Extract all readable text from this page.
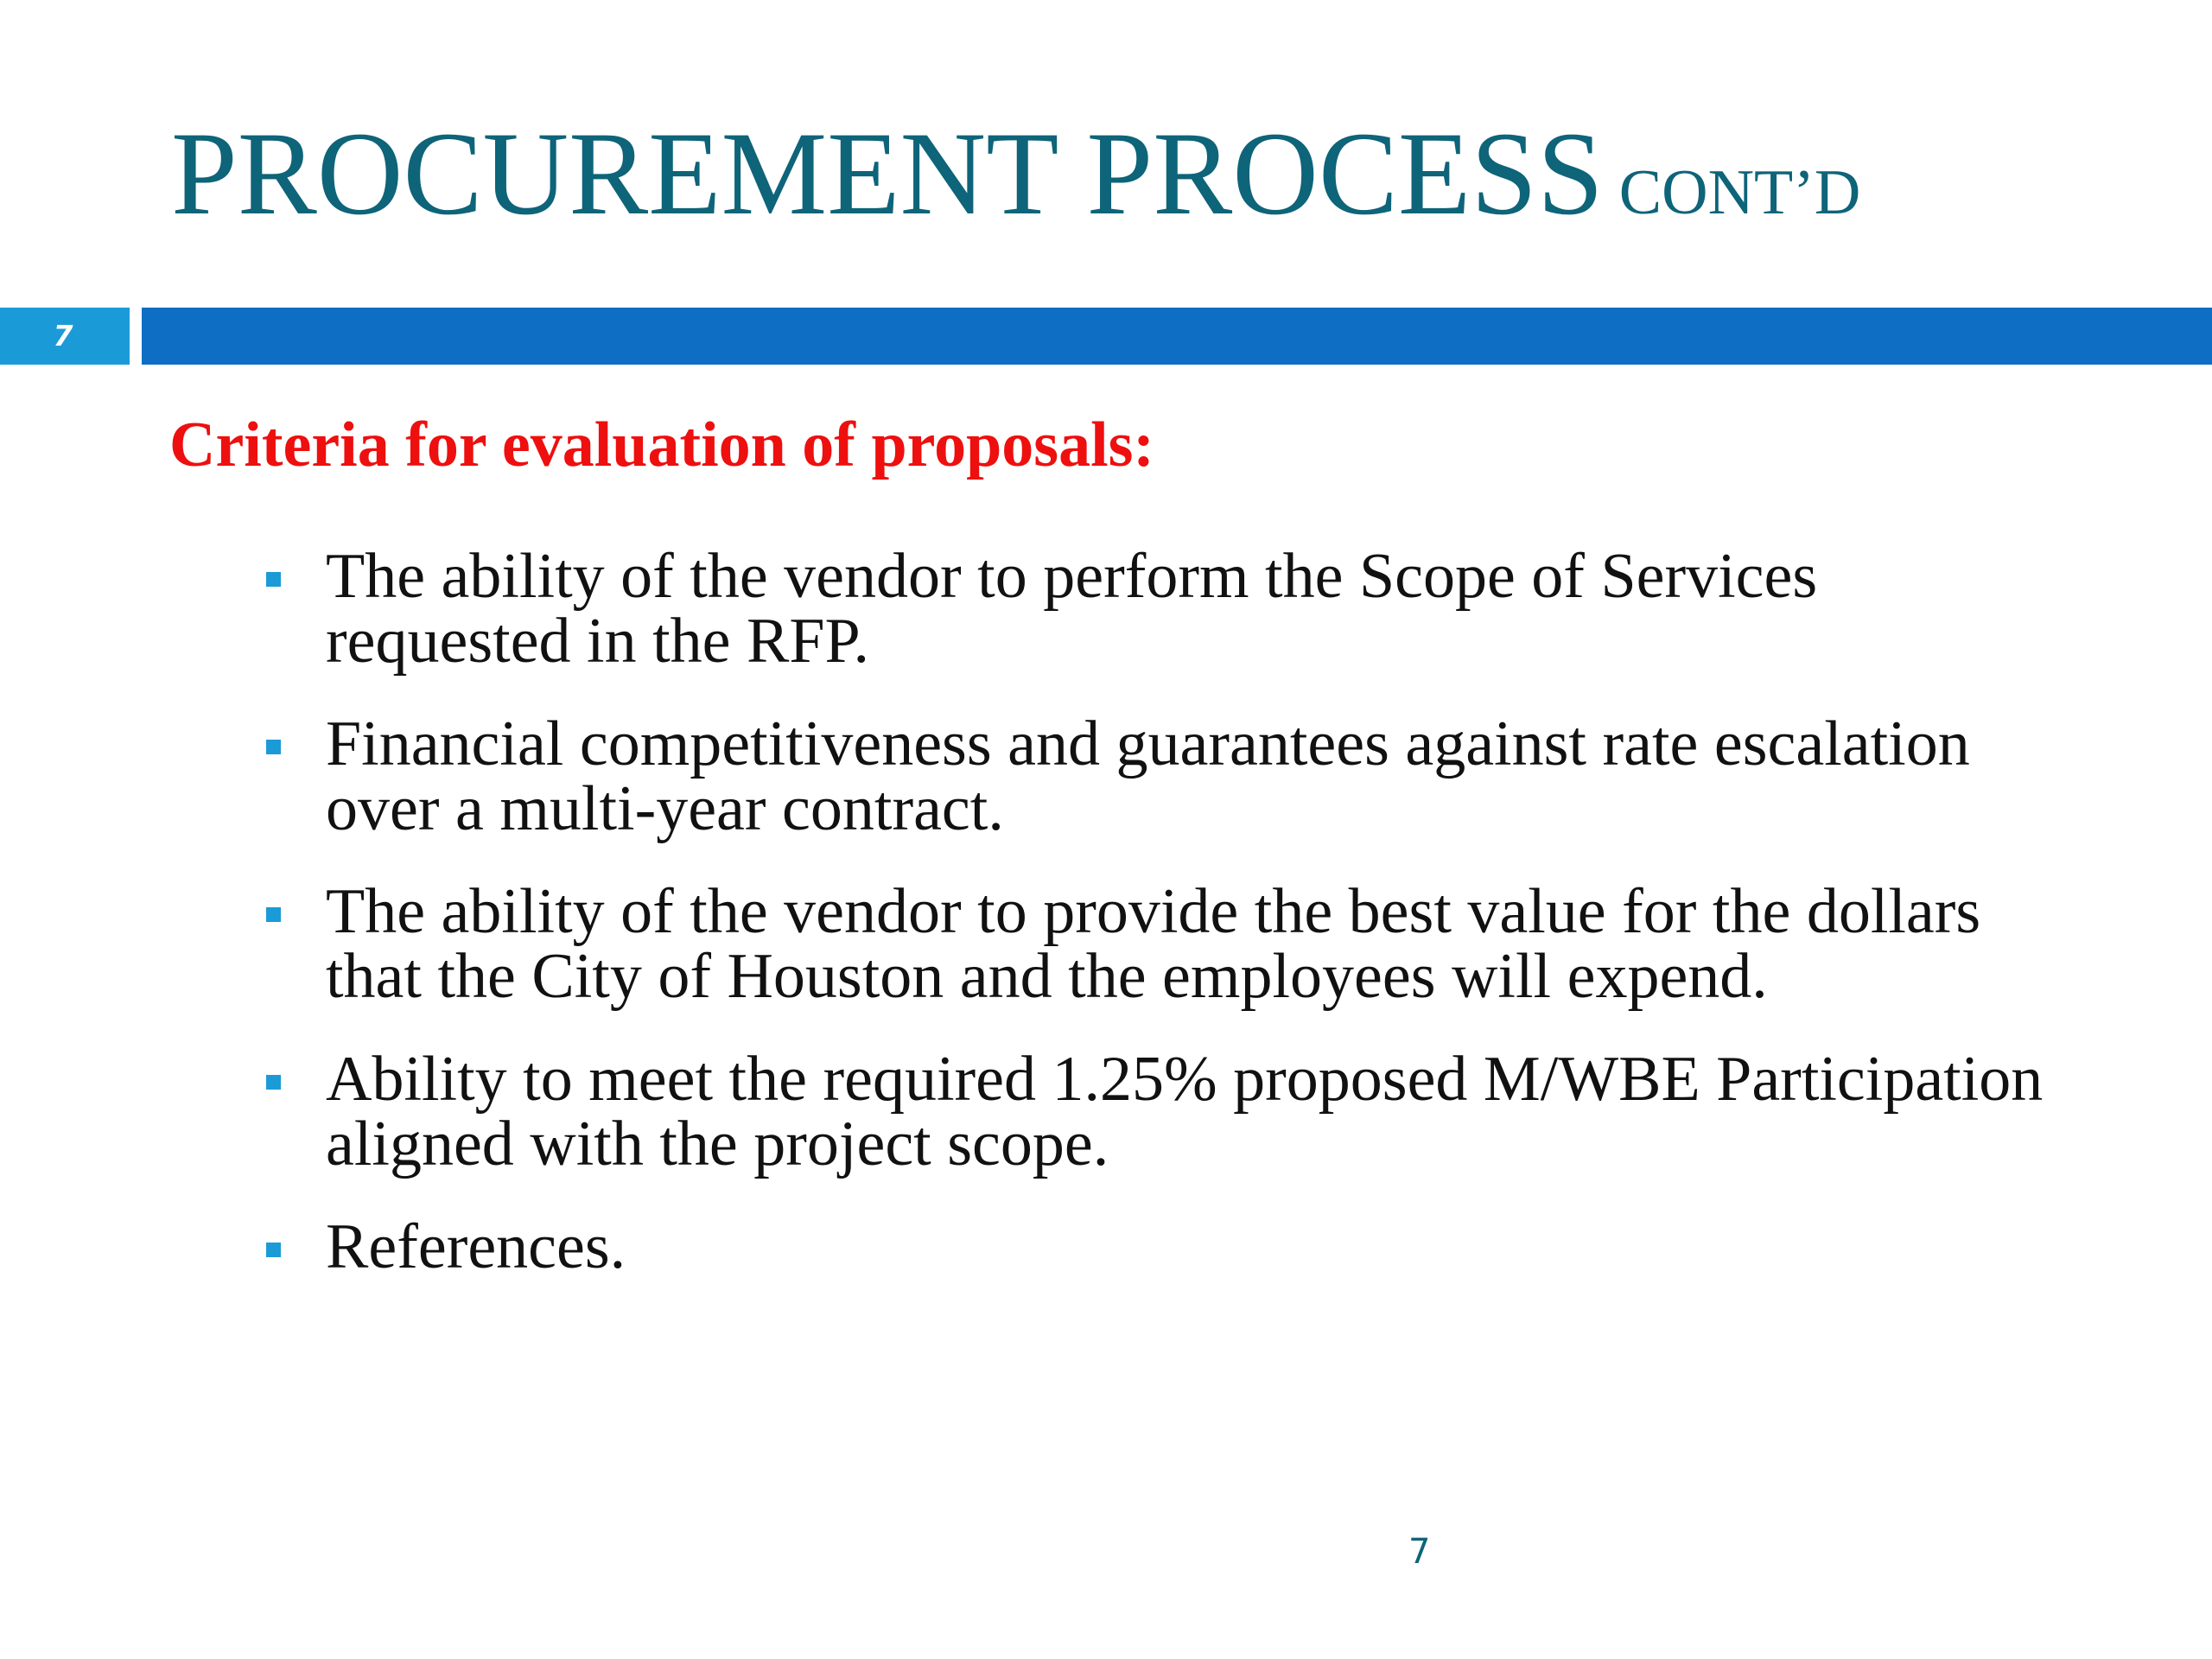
PROCUREMENT PROCESS CONT’D
7
Criteria for evaluation of proposals:
The ability of the vendor to perform the Scope of Services requested in the RFP.
Financial competitiveness and guarantees against rate escalation over a multi-year contract.
The ability of the vendor to provide the best value for the dollars that the City of Houston and the employees will expend.
Ability to meet the required 1.25% proposed M/WBE Participation aligned with the project scope.
References.
7
